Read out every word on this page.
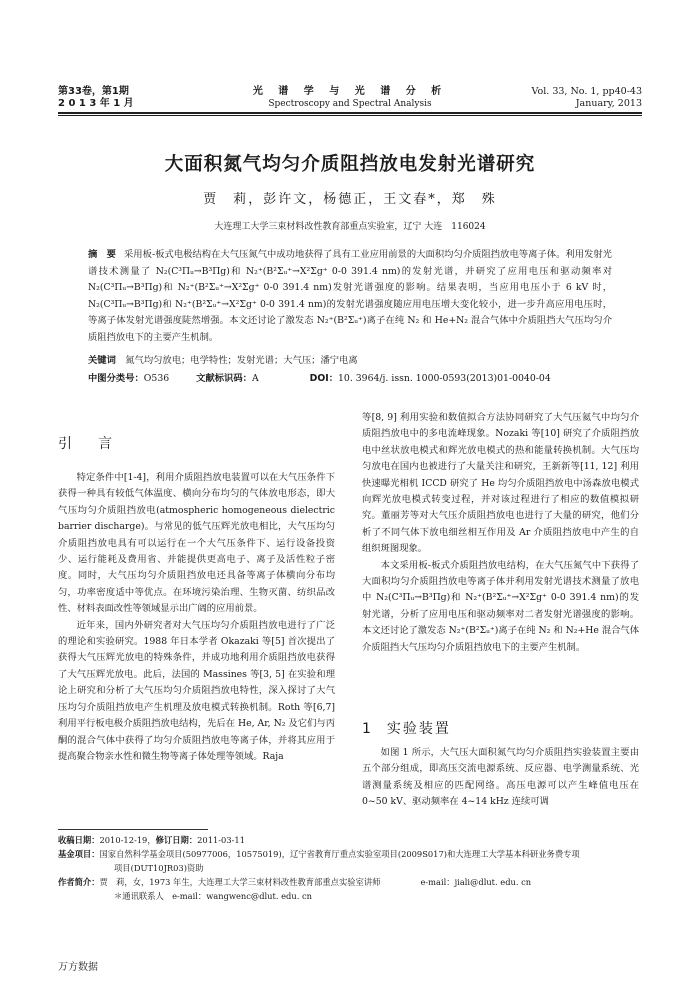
第33卷，第1期
2 0 1 3 年 1 月
光 谱 学 与 光 谱 分 析
Spectroscopy and Spectral Analysis
Vol. 33, No. 1, pp40-43
January, 2013
大面积氮气均匀介质阻挡放电发射光谱研究
贾　莉，彭许文，杨德正，王文春*，郑　殊
大连理工大学三束材料改性教育部重点实验室，辽宁 大连　116024
摘　要 采用板-板式电极结构在大气压氮气中成功地获得了具有工业应用前景的大面积均匀介质阻挡放电等离子体。利用发射光谱技术测量了 N₂(C³Πᵤ→B³Πg)和 N₂⁺(B²Σᵤ⁺→X²Σg⁺ 0-0 391.4 nm)的发射光谱，并研究了应用电压和驱动频率对 N₂(C³Πᵤ→B³Πg)和 N₂⁺(B²Σᵤ⁺→X²Σg⁺ 0-0 391.4 nm)发射光谱强度的影响。结果表明，当应用电压小于 6 kV 时，N₂(C³Πᵤ→B³Πg)和 N₂⁺(B²Σᵤ⁺→X²Σg⁺ 0-0 391.4 nm)的发射光谱强度随应用电压增大变化较小，进一步升高应用电压时，等离子体发射光谱强度陡然增强。本文还讨论了激发态 N₂⁺(B²Σᵤ⁺)离子在纯 N₂ 和 He+N₂ 混合气体中介质阻挡大气压均匀介质阻挡放电下的主要产生机制。
关键词　 氮气均匀放电；电学特性；发射光谱；大气压；潘宁电离
中图分类号：O536	文献标识码：A	DOI：10. 3964/j. issn. 1000-0593(2013)01-0040-04
引　言

特定条件中[1-4]，利用介质阻挡放电装置可以在大气压条件下获得一种具有较低气体温度、横向分布均匀的气体放电形态，即大气压均匀介质阻挡放电(atmospheric homogeneous dielectric barrier discharge)。与常见的低气压辉光放电相比，大气压均匀介质阻挡放电具有可以运行在一个大气压条件下、运行设备投资少、运行能耗及费用省、并能提供更高电子、离子及活性粒子密度。同时，大气压均匀介质阻挡放电还具备等离子体横向分布均匀，功率密度适中等优点。在环境污染治理、生物灭菌、纺织品改性、材料表面改性等领域显示出广阔的应用前景。

近年来，国内外研究者对大气压均匀介质阻挡放电进行了广泛的理论和实验研究。1988 年日本学者 Okazaki 等[5] 首次提出了获得大气压辉光放电的特殊条件，并成功地利用介质阻挡放电获得了大气压辉光放电。此后，法国的 Massines 等[3, 5] 在实验和理论上研究和分析了大气压均匀介质阻挡放电特性，深入探讨了大气压均匀介质阻挡放电产生机理及放电模式转换机制。Roth 等[6,7] 利用平行板电极介质阻挡放电结构，先后在 He, Ar, N₂ 及它们与丙酮的混合气体中获得了均匀介质阻挡放电等离子体，并将其应用于提高聚合物亲水性和微生物等离子体处理等领域。Raja

等[8, 9] 利用实验和数值拟合方法协同研究了大气压氦气中均匀介质阻挡放电中的多电流峰现象。Nozaki 等[10] 研究了介质阻挡放电中丝状放电模式和辉光放电模式的热和能量转换机制。大气压均匀放电在国内也被进行了大量关注和研究，王新新等[11, 12] 利用快速曝光相机 ICCD 研究了 He 均匀介质阻挡放电中汤森放电模式向辉光放电模式转变过程，并对该过程进行了相应的数值模拟研究。董丽芳等对大气压介质阻挡放电也进行了大量的研究，他们分析了不同气体下放电细丝相互作用及 Ar 介质阻挡放电中产生的自组织斑图现象。

本文采用板-板式介质阻挡放电结构，在大气压氮气中下获得了大面积均匀介质阻挡放电等离子体并利用发射光谱技术测量了放电中 N₂(C³Πᵤ→B³Πg)和 N₂⁺(B²Σᵤ⁺→X²Σg⁺ 0-0 391.4 nm)的发射光谱，分析了应用电压和驱动频率对二者发射光谱强度的影响。本文还讨论了激发态 N₂⁺(B²Σᵤ⁺)离子在纯 N₂ 和 N₂+He 混合气体介质阻挡大气压均匀介质阻挡放电下的主要产生机制。

1 实验装置

如图 1 所示，大气压大面积氮气均匀介质阻挡实验装置主要由五个部分组成，即高压交流电源系统、反应器、电学测量系统、光谱测量系统及相应的匹配网络。高压电源可以产生峰值电压在 0~50 kV、驱动频率在 4~14 kHz 连续可调

收稿日期：2010-12-19，修订日期：2011-03-11
基金项目：国家自然科学基金项目(50977006，10575019)，辽宁省教育厅重点实验室项目(2009S017)和大连理工大学基本科研业务费专项
项目(DUT10JR03)资助
作者简介：贾　莉，女，1973 年生，大连理工大学三束材料改性教育部重点实验室讲师	e-mail：jiali@dlut. edu. cn
＊通讯联系人　e-mail：wangwenc@dlut. edu. cn
万方数据
